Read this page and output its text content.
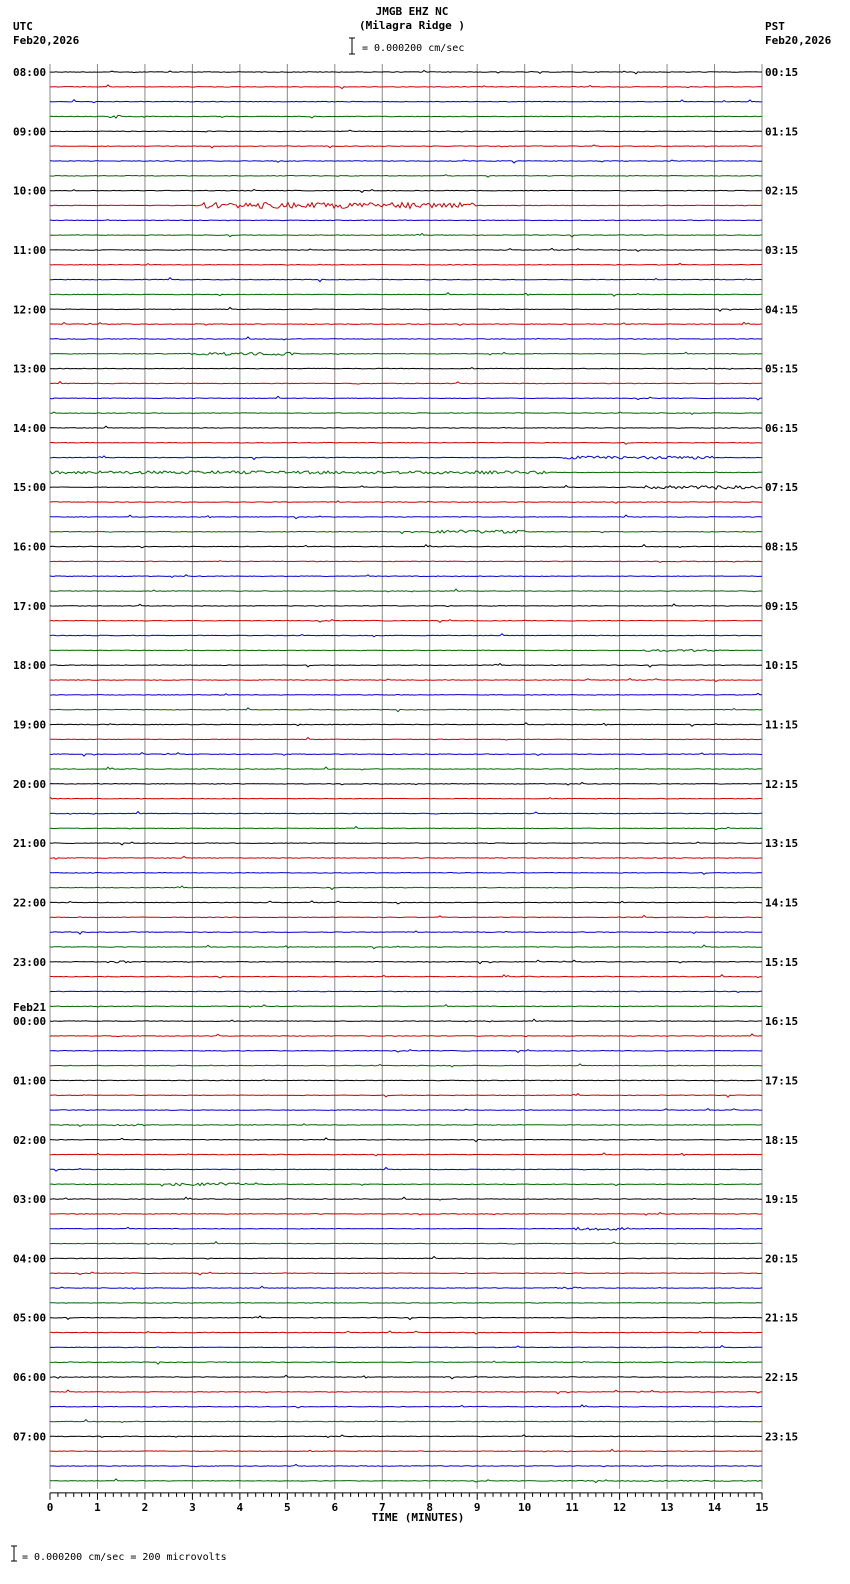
JMGB EHZ NC
(Milagra Ridge )
= 0.000200 cm/sec
UTC
Feb20,2026
PST
Feb20,2026
TIME (MINUTES)
= 0.000200 cm/sec = 200 microvolts
0	1	2	3	4	5	6	7	8	9	10	11	12	13	14	15
08:00
09:00
10:00
11:00
12:00
13:00
14:00
15:00
16:00
17:00
18:00
19:00
20:00
21:00
22:00
23:00
Feb21
00:00
01:00
02:00
03:00
04:00
05:00
06:00
07:00
00:15
01:15
02:15
03:15
04:15
05:15
06:15
07:15
08:15
09:15
10:15
11:15
12:15
13:15
14:15
15:15
16:15
17:15
18:15
19:15
20:15
21:15
22:15
23:15
